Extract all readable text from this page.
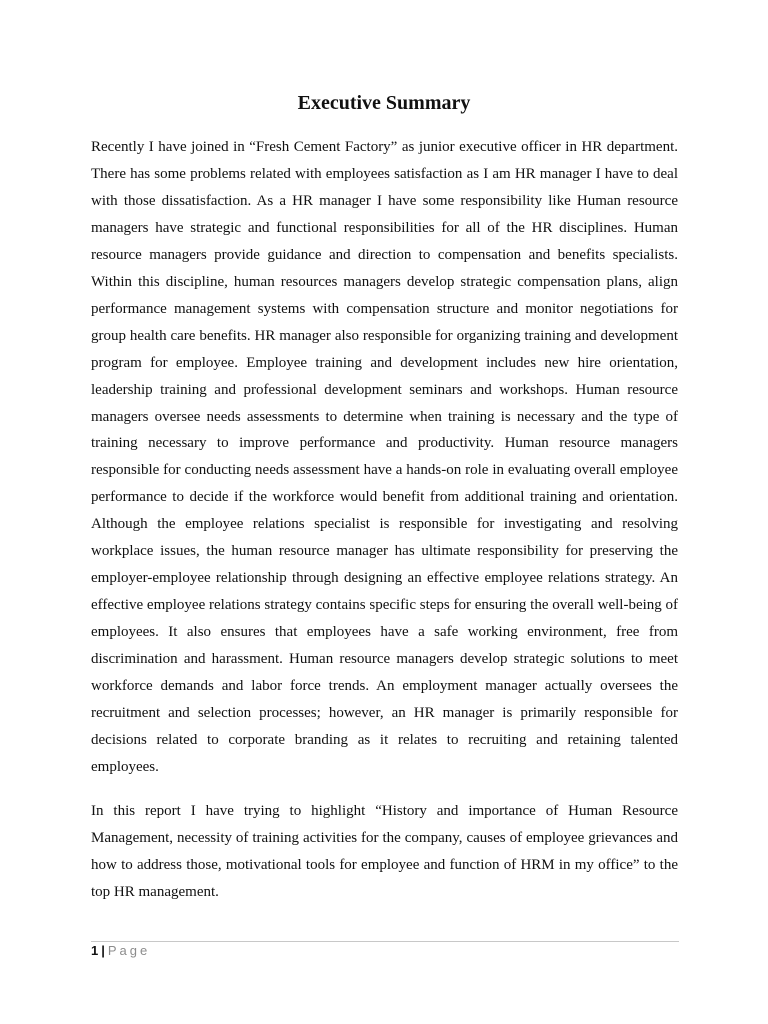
Executive Summary

Recently I have joined in “Fresh Cement Factory” as junior executive officer in HR department. There has some problems related with employees satisfaction as I am HR manager I have to deal with those dissatisfaction. As a HR manager I have some responsibility like Human resource managers have strategic and functional responsibilities for all of the HR disciplines. Human resource managers provide guidance and direction to compensation and benefits specialists. Within this discipline, human resources managers develop strategic compensation plans, align performance management systems with compensation structure and monitor negotiations for group health care benefits. HR manager also responsible for organizing training and development program for employee. Employee training and development includes new hire orientation, leadership training and professional development seminars and workshops. Human resource managers oversee needs assessments to determine when training is necessary and the type of training necessary to improve performance and productivity. Human resource managers responsible for conducting needs assessment have a hands-on role in evaluating overall employee performance to decide if the workforce would benefit from additional training and orientation. Although the employee relations specialist is responsible for investigating and resolving workplace issues, the human resource manager has ultimate responsibility for preserving the employer-employee relationship through designing an effective employee relations strategy. An effective employee relations strategy contains specific steps for ensuring the overall well-being of employees. It also ensures that employees have a safe working environment, free from discrimination and harassment. Human resource managers develop strategic solutions to meet workforce demands and labor force trends. An employment manager actually oversees the recruitment and selection processes; however, an HR manager is primarily responsible for decisions related to corporate branding as it relates to recruiting and retaining talented employees.

In this report I have trying to highlight “History and importance of Human Resource Management, necessity of training activities for the company, causes of employee grievances and how to address those, motivational tools for employee and function of HRM in my office” to the top HR management.

1 | Page
